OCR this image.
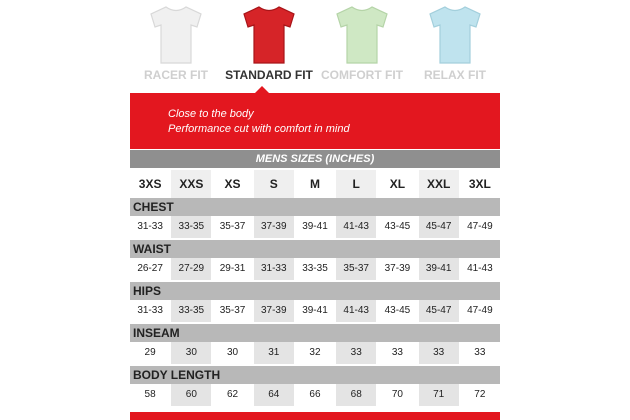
RACER FIT	STANDARD FIT COMFORT FIT	RELAX FIT
Close to the body
Performance cut with comfort in mind
MENS SIZES (INCHES)
3XS	XXS	XS	S	M	L	XL	XXL	3XL
CHEST
31-33	33-35	35-37	37-39	39-41	41-43	43-45	45-47	47-49
WAIST
26-27	27-29	29-31	31-33	33-35	35-37	37-39	39-41	41-43
HIPS
31-33	33-35	35-37	37-39	39-41	41-43	43-45	45-47	47-49
INSEAM
29	30	30	31	32	33	33	33	33
BODY LENGTH
58	60	62	64	66	68	70	71	72
